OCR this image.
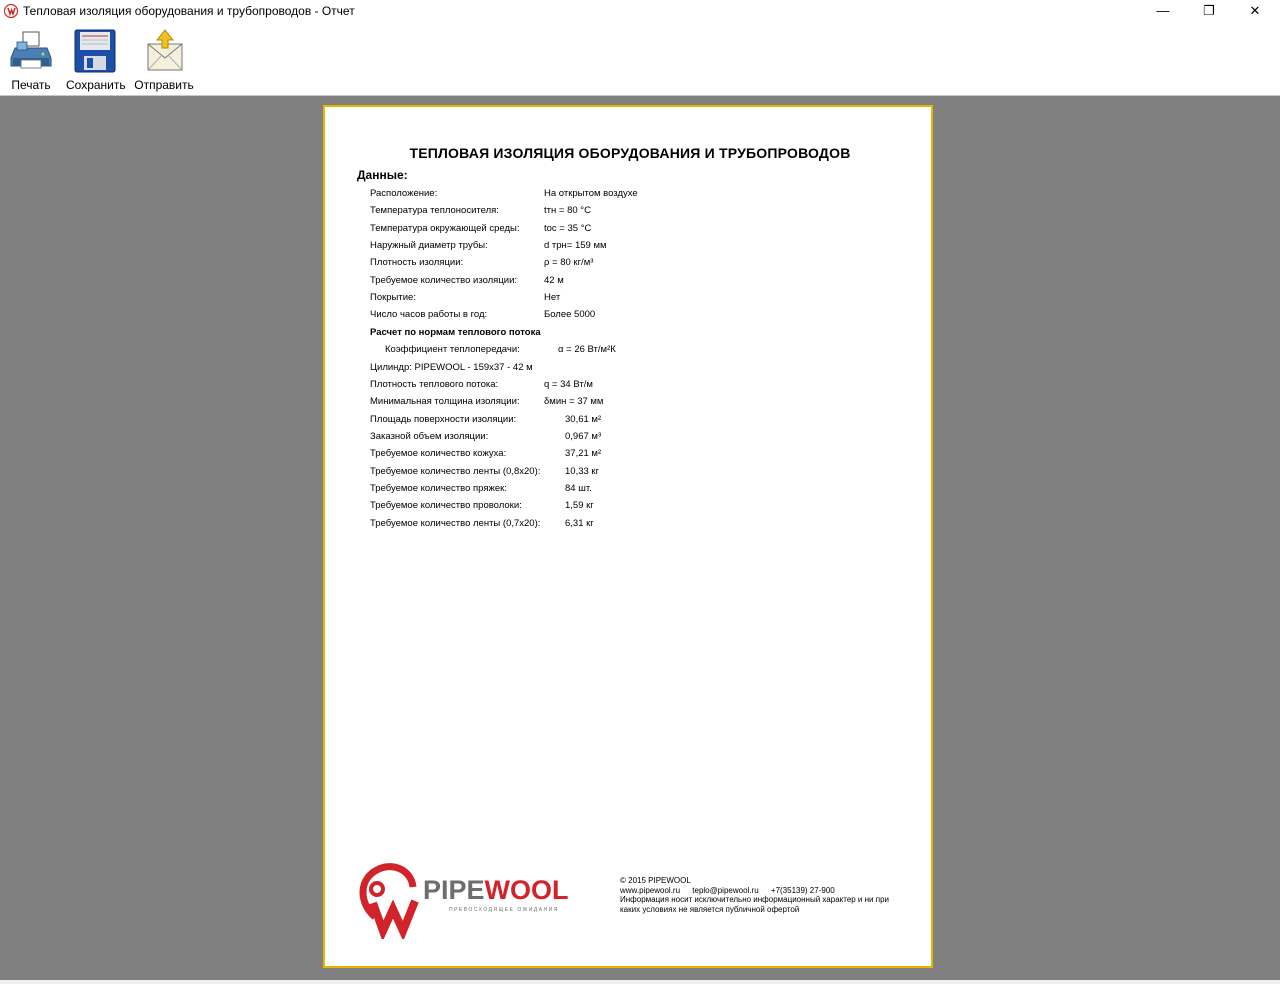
Тепловая изоляция оборудования и трубопроводов - Отчет	—	❐	✕
Печать Сохранить Отправить
ТЕПЛОВАЯ ИЗОЛЯЦИЯ ОБОРУДОВАНИЯ И ТРУБОПРОВОДОВ
Данные:
Расположение:	На открытом воздухе
Температура теплоносителя:	tтн = 80 °С
Температура окружающей среды:	tос = 35 °С
Наружный диаметр трубы:	d трн= 159 мм
Плотность изоляции:	ρ = 80 кг/м³
Требуемое количество изоляции:	42 м
Покрытие:	Нет
Число часов работы в год:	Более 5000
Расчет по нормам теплового потока
Коэффициент теплопередачи:	α = 26 Вт/м²К
Цилиндр: PIPEWOOL - 159x37 - 42 м
Плотность теплового потока:	q = 34 Вт/м
Минимальная толщина изоляции:	δмин = 37 мм
Площадь поверхности изоляции:	30,61 м²
Заказной объем изоляции:	0,967 м³
Требуемое количество кожуха:	37,21 м²
Требуемое количество ленты (0,8x20):	10,33 кг
Требуемое количество пряжек:	84 шт.
Требуемое количество проволоки:	1,59 кг
Требуемое количество ленты (0,7x20):	6,31 кг
PIPEWOOL
ПРЕВОСХОДЯЩЕЕ ОЖИДАНИЯ
© 2015 PIPEWOOL
www.pipewool.ru teplo@pipewool.ru +7(35139) 27-900
Информация носит исключительно информационный характер и ни при каких условиях не является публичной офертой
